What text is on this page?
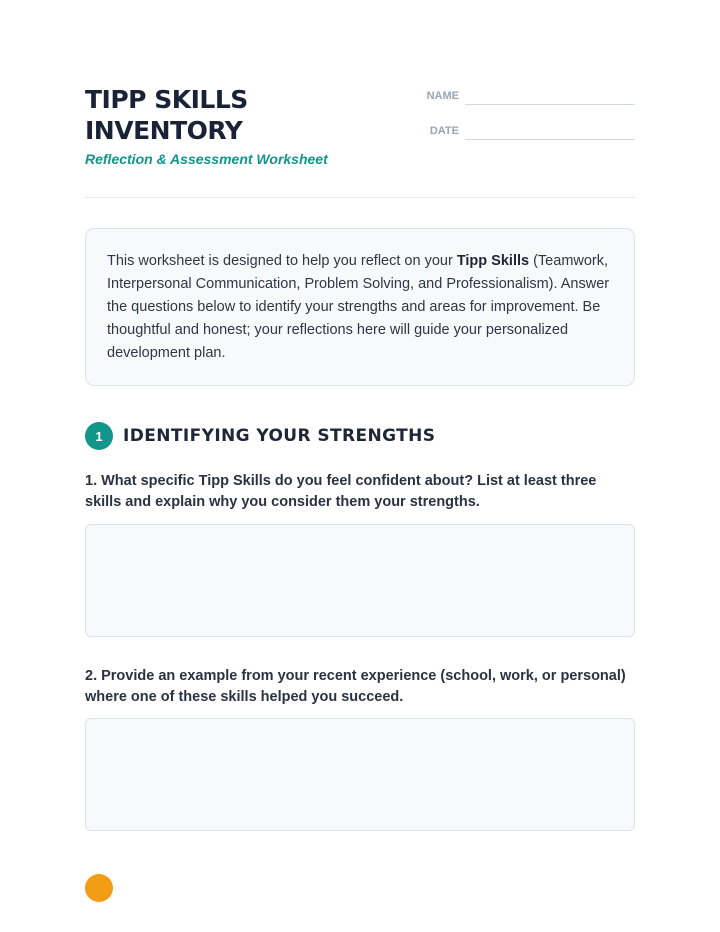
TIPP SKILLS
INVENTORY
Reflection & Assessment Worksheet
NAME
DATE
This worksheet is designed to help you reflect on your Tipp Skills (Teamwork, Interpersonal Communication, Problem Solving, and Professionalism). Answer the questions below to identify your strengths and areas for improvement. Be thoughtful and honest; your reflections here will guide your personalized development plan.
1	IDENTIFYING YOUR STRENGTHS

1. What specific Tipp Skills do you feel confident about? List at least three skills and explain why you consider them your strengths.

2. Provide an example from your recent experience (school, work, or personal) where one of these skills helped you succeed.
